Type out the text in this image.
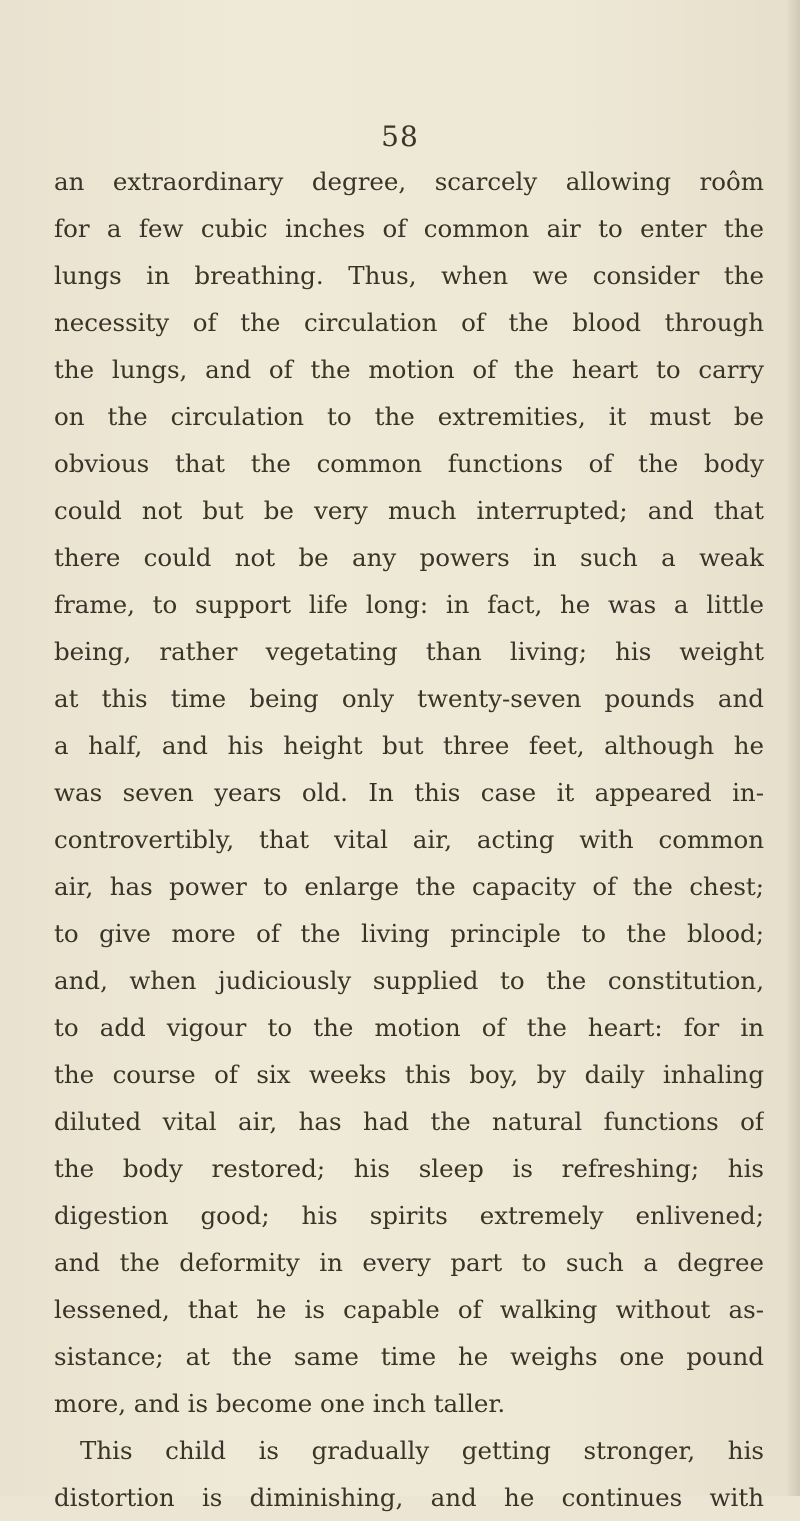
58
an extraordinary degree, scarcely allowing roôm
for a few cubic inches of common air to enter the
lungs in breathing. Thus, when we consider the
necessity of the circulation of the blood through
the lungs, and of the motion of the heart to carry
on the circulation to the extremities, it must be
obvious that the common functions of the body
could not but be very much interrupted; and that
there could not be any powers in such a weak
frame, to support life long: in fact, he was a little
being, rather vegetating than living; his weight
at this time being only twenty-seven pounds and
a half, and his height but three feet, although he
was seven years old. In this case it appeared in-
controvertibly, that vital air, acting with common
air, has power to enlarge the capacity of the chest;
to give more of the living principle to the blood;
and, when judiciously supplied to the constitution,
to add vigour to the motion of the heart: for in
the course of six weeks this boy, by daily inhaling
diluted vital air, has had the natural functions of
the body restored; his sleep is refreshing; his
digestion good; his spirits extremely enlivened;
and the deformity in every part to such a degree
lessened, that he is capable of walking without as-
sistance; at the same time he weighs one pound
more, and is become one inch taller.
This child is gradually getting stronger, his
distortion is diminishing, and he continues with
